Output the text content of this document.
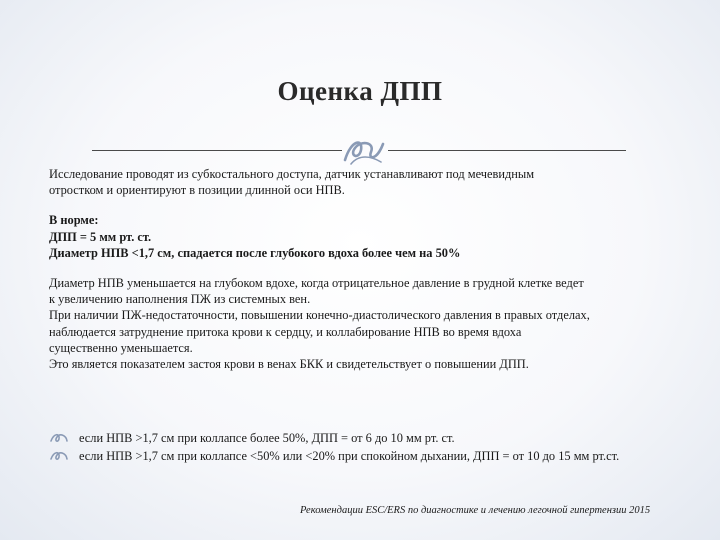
Оценка ДПП

Исследование проводят из субкостального доступа, датчик устанавливают под мечевидным

отростком и ориентируют в позиции длинной оси НПВ.

В норме:

ДПП = 5 мм рт. ст.

Диаметр НПВ <1,7 см, спадается после глубокого вдоха более чем на 50%

Диаметр НПВ уменьшается на глубоком вдохе, когда отрицательное давление в грудной клетке ведет

к увеличению наполнения ПЖ из системных вен.

При наличии ПЖ-недостаточности, повышении конечно-диастолического давления в правых отделах,

наблюдается затруднение притока крови к сердцу, и коллабирование НПВ во время вдоха

существенно уменьшается.

Это является показателем застоя крови в венах БКК и свидетельствует о повышении ДПП.

если НПВ >1,7 см при коллапсе более 50%, ДПП = от 6 до 10 мм рт. ст.
если НПВ >1,7 см при коллапсе <50% или <20% при спокойном дыхании, ДПП = от 10 до 15 мм рт.ст.
Рекомендации ESC/ERS по диагностике и лечению легочной гипертензии 2015
